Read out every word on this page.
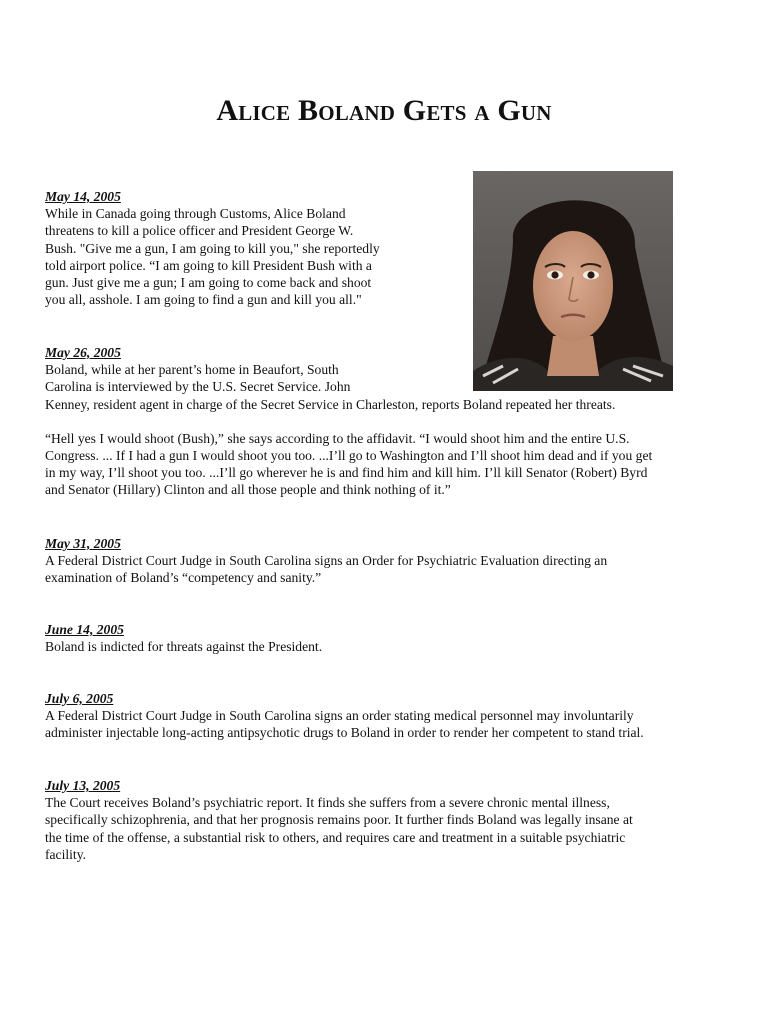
Alice Boland Gets a Gun
May 14, 2005
While in Canada going through Customs, Alice Boland
threatens to kill a police officer and President George W.
Bush. "Give me a gun, I am going to kill you," she reportedly
told airport police. “I am going to kill President Bush with a
gun. Just give me a gun; I am going to come back and shoot
you all, asshole. I am going to find a gun and kill you all."
May 26, 2005
Boland, while at her parent’s home in Beaufort, South
Carolina is interviewed by the U.S. Secret Service. John
Kenney, resident agent in charge of the Secret Service in Charleston, reports Boland repeated her threats.
“Hell yes I would shoot (Bush),” she says according to the affidavit. “I would shoot him and the entire U.S.
Congress. ... If I had a gun I would shoot you too. ...I’ll go to Washington and I’ll shoot him dead and if you get
in my way, I’ll shoot you too. ...I’ll go wherever he is and find him and kill him. I’ll kill Senator (Robert) Byrd
and Senator (Hillary) Clinton and all those people and think nothing of it.”
May 31, 2005
A Federal District Court Judge in South Carolina signs an Order for Psychiatric Evaluation directing an
examination of Boland’s “competency and sanity.”
June 14, 2005
Boland is indicted for threats against the President.
July 6, 2005
A Federal District Court Judge in South Carolina signs an order stating medical personnel may involuntarily
administer injectable long-acting antipsychotic drugs to Boland in order to render her competent to stand trial.
July 13, 2005
The Court receives Boland’s psychiatric report. It finds she suffers from a severe chronic mental illness,
specifically schizophrenia, and that her prognosis remains poor. It further finds Boland was legally insane at
the time of the offense, a substantial risk to others, and requires care and treatment in a suitable psychiatric
facility.
